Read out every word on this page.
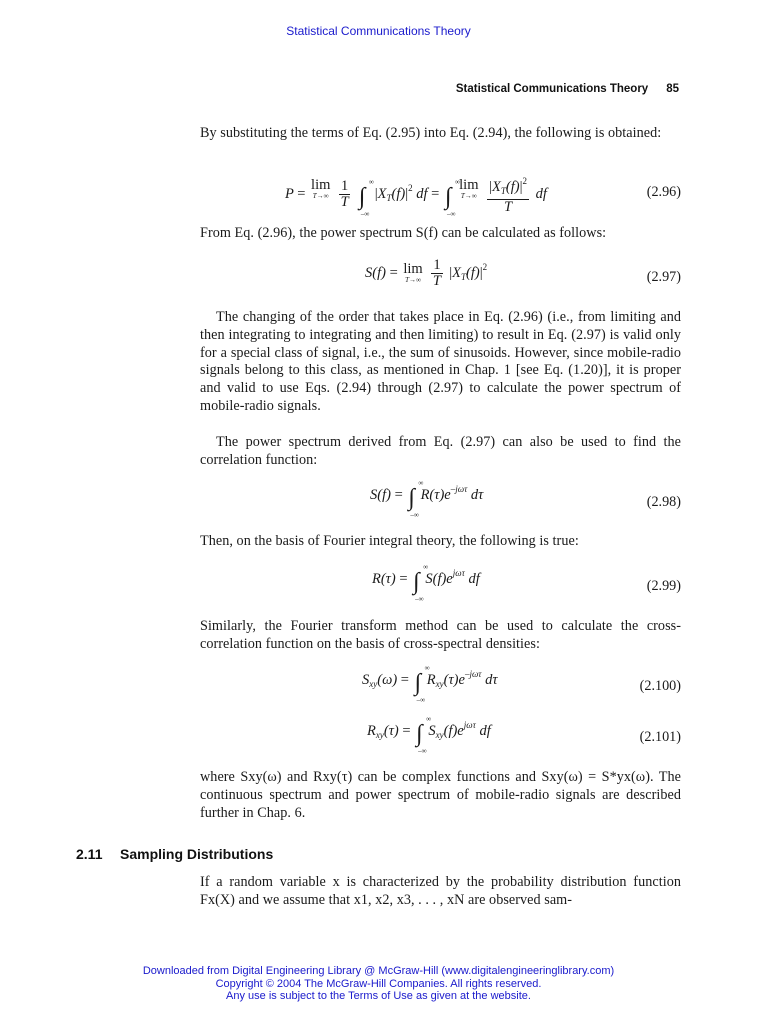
Statistical Communications Theory
Statistical Communications Theory 85
By substituting the terms of Eq. (2.95) into Eq. (2.94), the following is obtained:
P =
lim
T→∞
$\frac{1}{T}$ ∫
∞
–∞
$|X_T(f)|^2$ df = ∫
∞
–∞

lim
T→∞
$\frac{|X_T(f)|^2}{T}$ df	(2.96)
From Eq. (2.96), the power spectrum S(f) can be calculated as follows:
S(f) = lim
T→∞
$\frac{1}{T} |X_T(f)|^2$
(2.97)
The changing of the order that takes place in Eq. (2.96) (i.e., from limiting and then integrating to integrating and then limiting) to result in Eq. (2.97) is valid only for a special class of signal, i.e., the sum of sinusoids. However, since mobile-radio signals belong to this class, as mentioned in Chap. 1 [see Eq. (1.20)], it is proper and valid to use Eqs. (2.94) through (2.97) to calculate the power spectrum of mobile-radio signals.
The power spectrum derived from Eq. (2.97) can also be used to find the correlation function:
S(f) = ∫
∞
–∞
$R(\tau)e^{-j\omega\tau}$ dτ	(2.98)
Then, on the basis of Fourier integral theory, the following is true:
R(τ) = ∫
∞
–∞
$S(f)e^{j\omega\tau}$ df	(2.99)
Similarly, the Fourier transform method can be used to calculate the cross-correlation function on the basis of cross-spectral densities:
$S_{xy}(\omega)$ = ∫
∞
–∞
$R_{xy}(\tau)e^{-j\omega\tau}$ dτ	(2.100)
$R_{xy}(\tau)$ = ∫
∞
–∞
$S_{xy}(f)e^{j\omega\tau}$ df	(2.101)
where Sxy(ω) and Rxy(τ) can be complex functions and Sxy(ω) = S*yx(ω). The continuous spectrum and power spectrum of mobile-radio signals are described further in Chap. 6.
2.11 Sampling Distributions
If a random variable x is characterized by the probability distribution function Fx(X) and we assume that x1, x2, x3, . . . , xN are observed sam-
Downloaded from Digital Engineering Library @ McGraw-Hill (www.digitalengineeringlibrary.com)
Copyright © 2004 The McGraw-Hill Companies. All rights reserved.
Any use is subject to the Terms of Use as given at the website.
